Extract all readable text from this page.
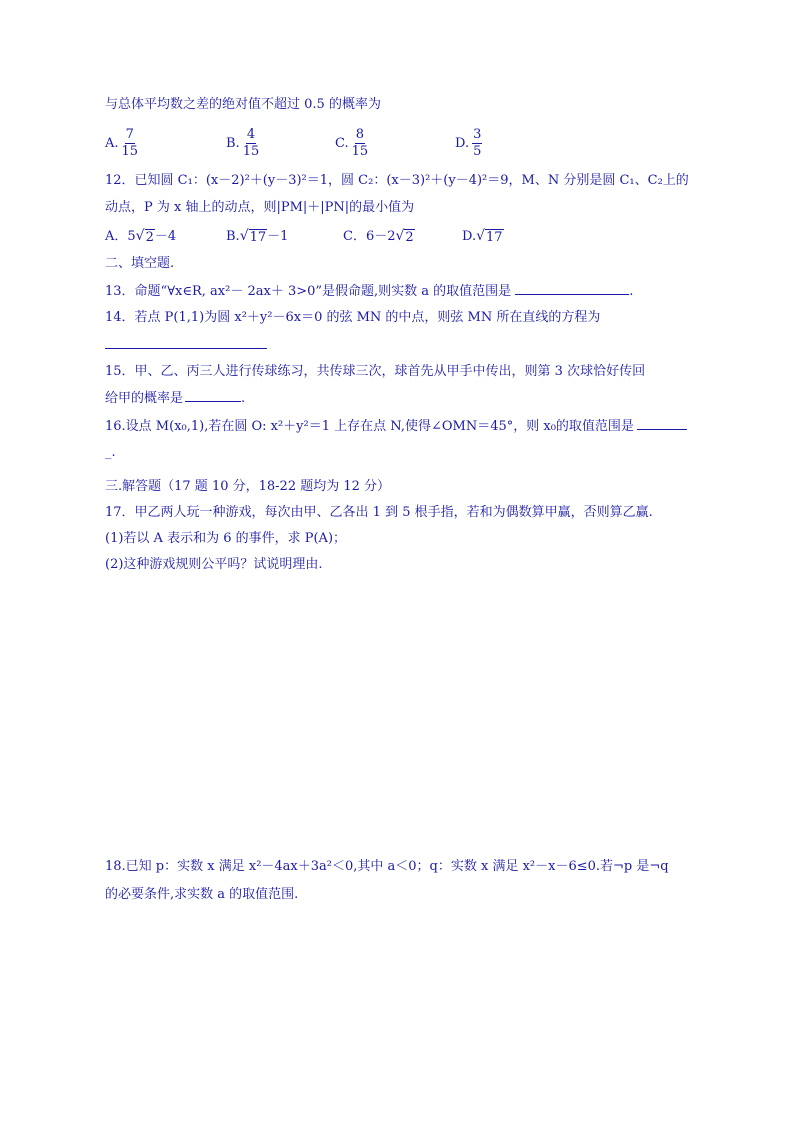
与总体平均数之差的绝对值不超过 0.5 的概率为
A. $\frac{7}{15}$	B. $\frac{4}{15}$	C. $\frac{8}{15}$	D. $\frac{3}{5}$
12．已知圆 C₁：(x－2)²＋(y－3)²＝1，圆 C₂：(x－3)²＋(y－4)²＝9，M、N 分别是圆 C₁、C₂上的
动点，P 为 x 轴上的动点，则|PM|＋|PN|的最小值为
A．5 √ 2 －4	B. √ 17 －1	C．6－2 √ 2	D. √ 17
二、填空题.
13．命题“∀x∈R, ax²－ 2ax＋ 3>0”是假命题,则实数 a 的取值范围是	.
14．若点 P(1,1)为圆 x²＋y²－6x＝0 的弦 MN 的中点，则弦 MN 所在直线的方程为
15．甲、乙、丙三人进行传球练习，共传球三次，球首先从甲手中传出，则第 3 次球恰好传回
给甲的概率是	.
16.设点 M(x₀,1),若在圆 O: x²＋y²＝1 上存在点 N,使得∠OMN＝45°，则 x₀的取值范围是
_.
三.解答题（17 题 10 分，18-22 题均为 12 分）
17．甲乙两人玩一种游戏，每次由甲、乙各出 1 到 5 根手指，若和为偶数算甲赢，否则算乙赢.
(1)若以 A 表示和为 6 的事件，求 P(A)；
(2)这种游戏规则公平吗？试说明理由.
18.已知 p：实数 x 满足 x²－4ax＋3a²＜0,其中 a＜0；q：实数 x 满足 x²－x－6≤0.若¬p 是¬q
的必要条件,求实数 a 的取值范围.
